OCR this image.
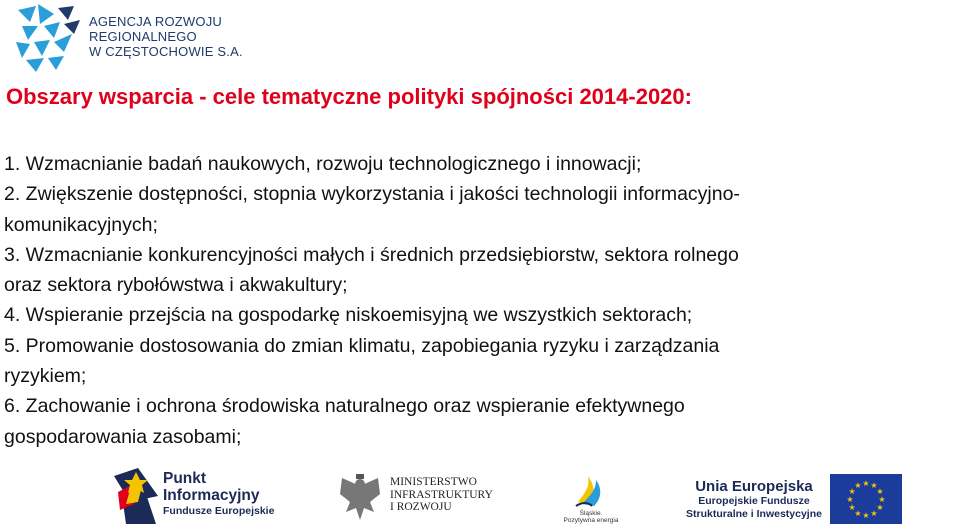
AGENCJA ROZWOJU
REGIONALNEGO
W CZĘSTOCHOWIE S.A.
Obszary wsparcia - cele tematyczne polityki spójności 2014-2020:
1. Wzmacnianie badań naukowych, rozwoju technologicznego i innowacji;
2. Zwiększenie dostępności, stopnia wykorzystania i jakości technologii informacyjno-
komunikacyjnych;
3. Wzmacnianie konkurencyjności małych i średnich przedsiębiorstw, sektora rolnego
oraz sektora rybołówstwa i akwakultury;
4. Wspieranie przejścia na gospodarkę niskoemisyjną we wszystkich sektorach;
5. Promowanie dostosowania do zmian klimatu, zapobiegania ryzyku i zarządzania
ryzykiem;
6. Zachowanie i ochrona środowiska naturalnego oraz wspieranie efektywnego
gospodarowania zasobami;
Punkt
Informacyjny
Fundusze Europejskie
MINISTERSTWO
INFRASTRUKTURY
I ROZWOJU
Śląskie.
Pozytywna energia
Unia Europejska
Europejskie Fundusze
Strukturalne i Inwestycyjne
★ ★
★
★
★
★
★
★
★
★
★
★
